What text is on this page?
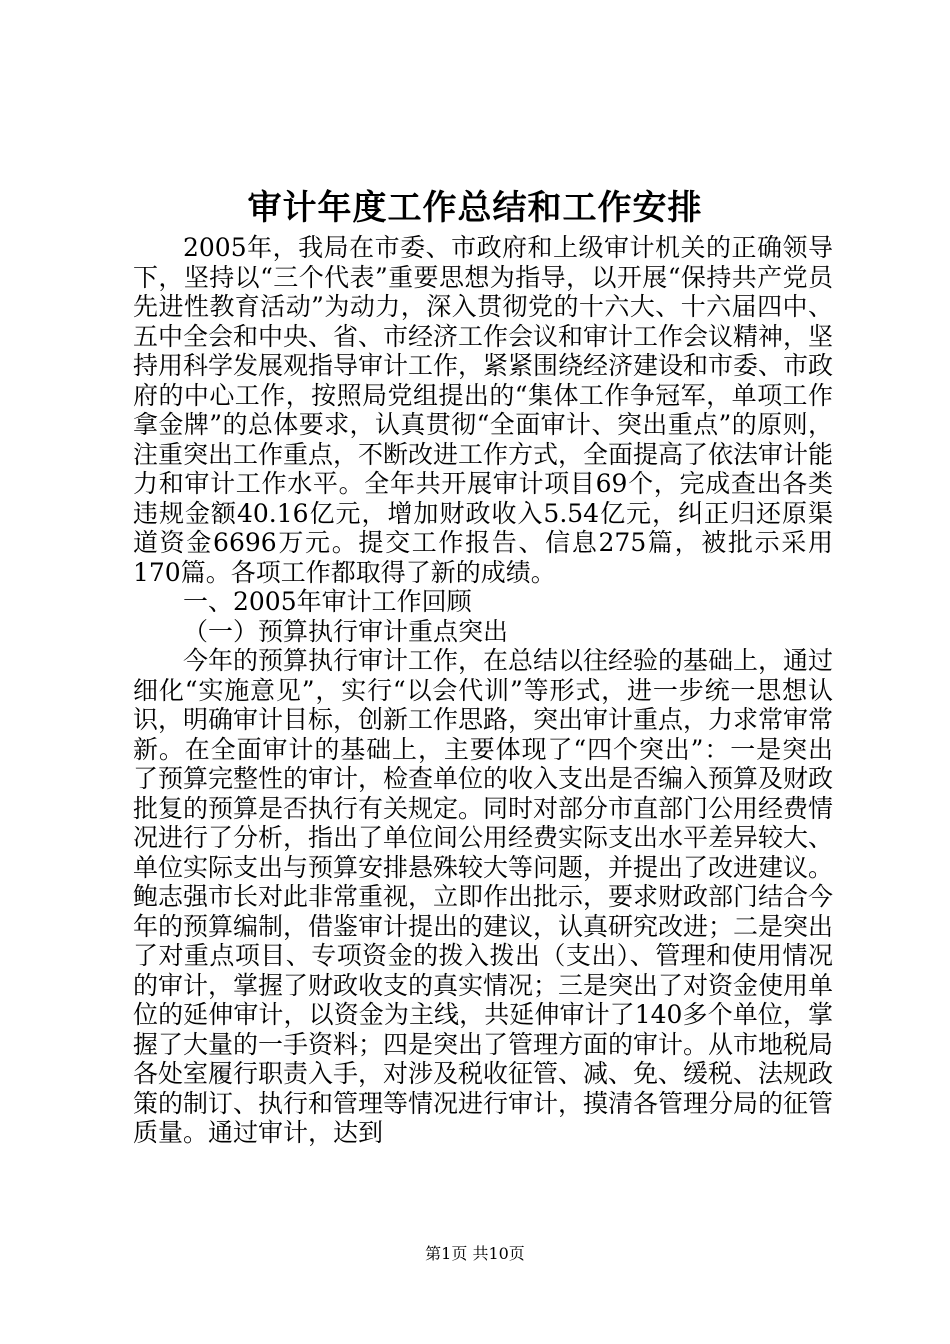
审计年度工作总结和工作安排

2005年，我局在市委、市政府和上级审计机关的正确领导下，坚持以“三个代表”重要思想为指导，以开展“保持共产党员先进性教育活动”为动力，深入贯彻党的十六大、十六届四中、五中全会和中央、省、市经济工作会议和审计工作会议精神，坚持用科学发展观指导审计工作，紧紧围绕经济建设和市委、市政府的中心工作，按照局党组提出的“集体工作争冠军，单项工作拿金牌”的总体要求，认真贯彻“全面审计、突出重点”的原则，注重突出工作重点，不断改进工作方式，全面提高了依法审计能力和审计工作水平。全年共开展审计项目69个，完成查出各类违规金额40.16亿元，增加财政收入5.54亿元，纠正归还原渠道资金6696万元。提交工作报告、信息275篇，被批示采用170篇。各项工作都取得了新的成绩。

一、2005年审计工作回顾

（一）预算执行审计重点突出

今年的预算执行审计工作，在总结以往经验的基础上，通过细化“实施意见”，实行“以会代训”等形式，进一步统一思想认识，明确审计目标，创新工作思路，突出审计重点，力求常审常新。在全面审计的基础上，主要体现了“四个突出”：一是突出了预算完整性的审计，检查单位的收入支出是否编入预算及财政批复的预算是否执行有关规定。同时对部分市直部门公用经费情况进行了分析，指出了单位间公用经费实际支出水平差异较大、单位实际支出与预算安排悬殊较大等问题，并提出了改进建议。鲍志强市长对此非常重视，立即作出批示，要求财政部门结合今年的预算编制，借鉴审计提出的建议，认真研究改进；二是突出了对重点项目、专项资金的拨入拨出（支出）、管理和使用情况的审计，掌握了财政收支的真实情况；三是突出了对资金使用单位的延伸审计，以资金为主线，共延伸审计了140多个单位，掌握了大量的一手资料；四是突出了管理方面的审计。从市地税局各处室履行职责入手，对涉及税收征管、减、免、缓税、法规政策的制订、执行和管理等情况进行审计，摸清各管理分局的征管质量。通过审计，达到

第1页 共10页
